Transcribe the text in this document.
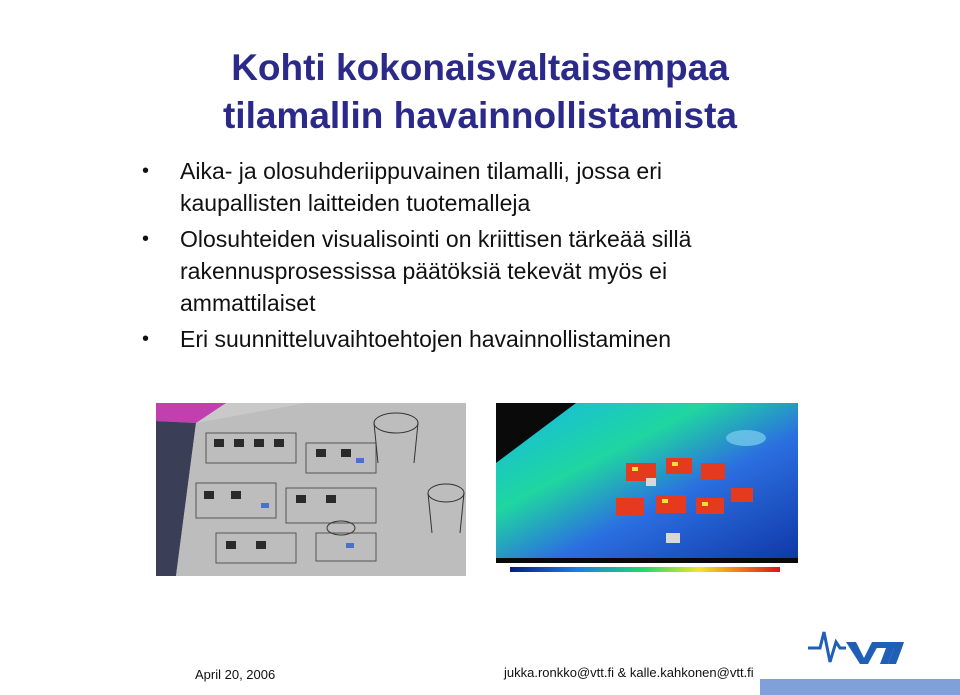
Kohti kokonaisvaltaisempaa
tilamallin havainnollistamista
• Aika- ja olosuhderiippuvainen tilamalli, jossa eri
kaupallisten laitteiden tuotemalleja
• Olosuhteiden visualisointi on kriittisen tärkeää sillä
rakennusprosessissa päätöksiä tekevät myös ei
ammattilaiset
• Eri suunnitteluvaihtoehtojen havainnollistaminen
April 20, 2006	jukka.ronkko@vtt.fi & kalle.kahkonen@vtt.fi
